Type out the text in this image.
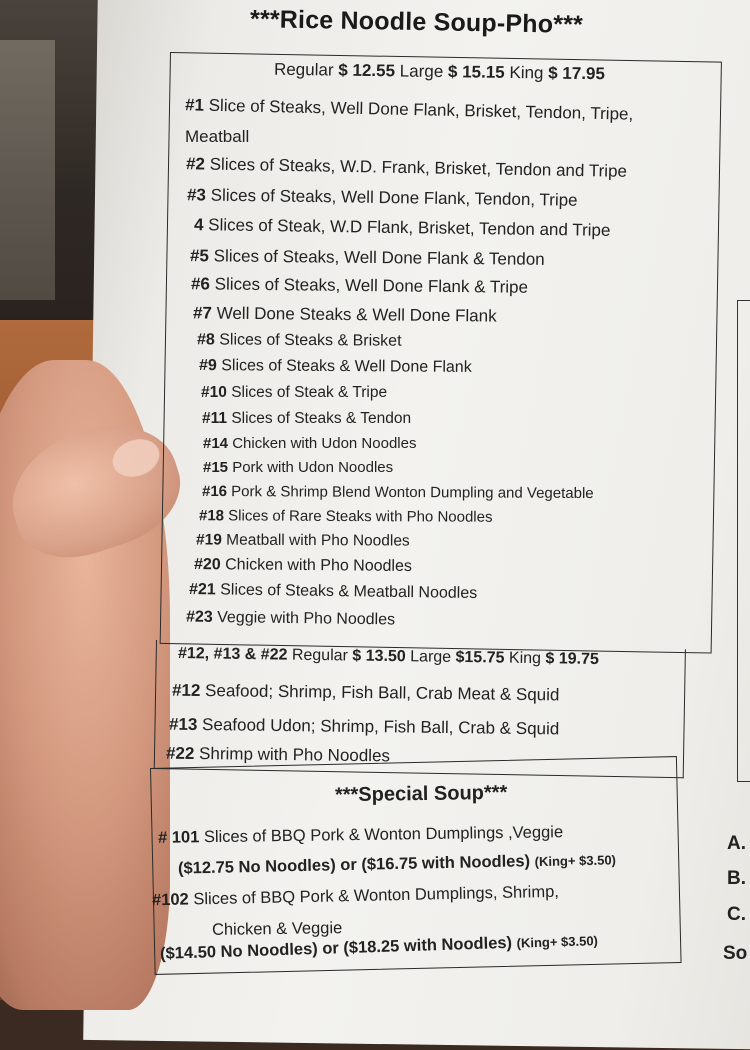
***Rice Noodle Soup-Pho***
Regular $ 12.55 Large $ 15.15 King $ 17.95
#1 Slice of Steaks, Well Done Flank, Brisket, Tendon, Tripe,
Meatball
#2 Slices of Steaks, W.D. Frank, Brisket, Tendon and Tripe
#3 Slices of Steaks, Well Done Flank, Tendon, Tripe
4 Slices of Steak, W.D Flank, Brisket, Tendon and Tripe
#5 Slices of Steaks, Well Done Flank & Tendon
#6 Slices of Steaks, Well Done Flank & Tripe
#7 Well Done Steaks & Well Done Flank
#8 Slices of Steaks & Brisket
#9 Slices of Steaks & Well Done Flank
#10 Slices of Steak & Tripe
#11 Slices of Steaks & Tendon
#14 Chicken with Udon Noodles
#15 Pork with Udon Noodles
#16 Pork & Shrimp Blend Wonton Dumpling and Vegetable
#18 Slices of Rare Steaks with Pho Noodles
#19 Meatball with Pho Noodles
#20 Chicken with Pho Noodles
#21 Slices of Steaks & Meatball Noodles
#23 Veggie with Pho Noodles
#12, #13 & #22 Regular $ 13.50 Large $15.75 King $ 19.75
#12 Seafood; Shrimp, Fish Ball, Crab Meat & Squid
#13 Seafood Udon; Shrimp, Fish Ball, Crab & Squid
#22 Shrimp with Pho Noodles
***Special Soup***
# 101 Slices of BBQ Pork & Wonton Dumplings ,Veggie
($12.75 No Noodles) or ($16.75 with Noodles) (King+ $3.50)
#102 Slices of BBQ Pork & Wonton Dumplings, Shrimp,
Chicken & Veggie
($14.50 No Noodles) or ($18.25 with Noodles) (King+ $3.50)
A.
B.
C.
So
